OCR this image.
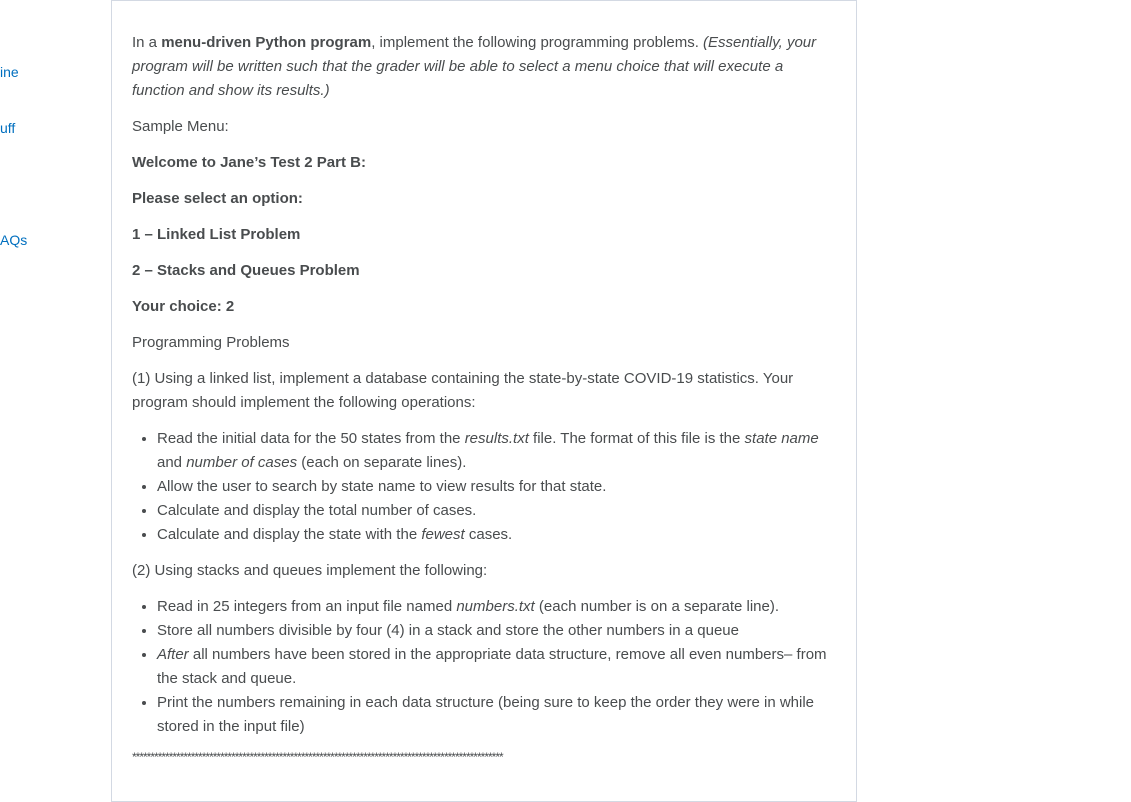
ine
uff
AQs

In a menu-driven Python program, implement the following programming problems. (Essentially, your program will be written such that the grader will be able to select a menu choice that will execute a function and show its results.)

Sample Menu:

Welcome to Jane’s Test 2 Part B:

Please select an option:

1 – Linked List Problem

2 – Stacks and Queues Problem

Your choice: 2

Programming Problems

(1) Using a linked list, implement a database containing the state-by-state COVID-19 statistics. Your program should implement the following operations:

• Read the initial data for the 50 states from the results.txt file. The format of this file is the state name and number of cases (each on separate lines).
• Allow the user to search by state name to view results for that state.
• Calculate and display the total number of cases.
• Calculate and display the state with the fewest cases.

(2) Using stacks and queues implement the following:

• Read in 25 integers from an input file named numbers.txt (each number is on a separate line).
• Store all numbers divisible by four (4) in a stack and store the other numbers in a queue
• After all numbers have been stored in the appropriate data structure, remove all even numbers– from the stack and queue.
• Print the numbers remaining in each data structure (being sure to keep the order they were in while stored in the input file)
*****************************************************************************************************
